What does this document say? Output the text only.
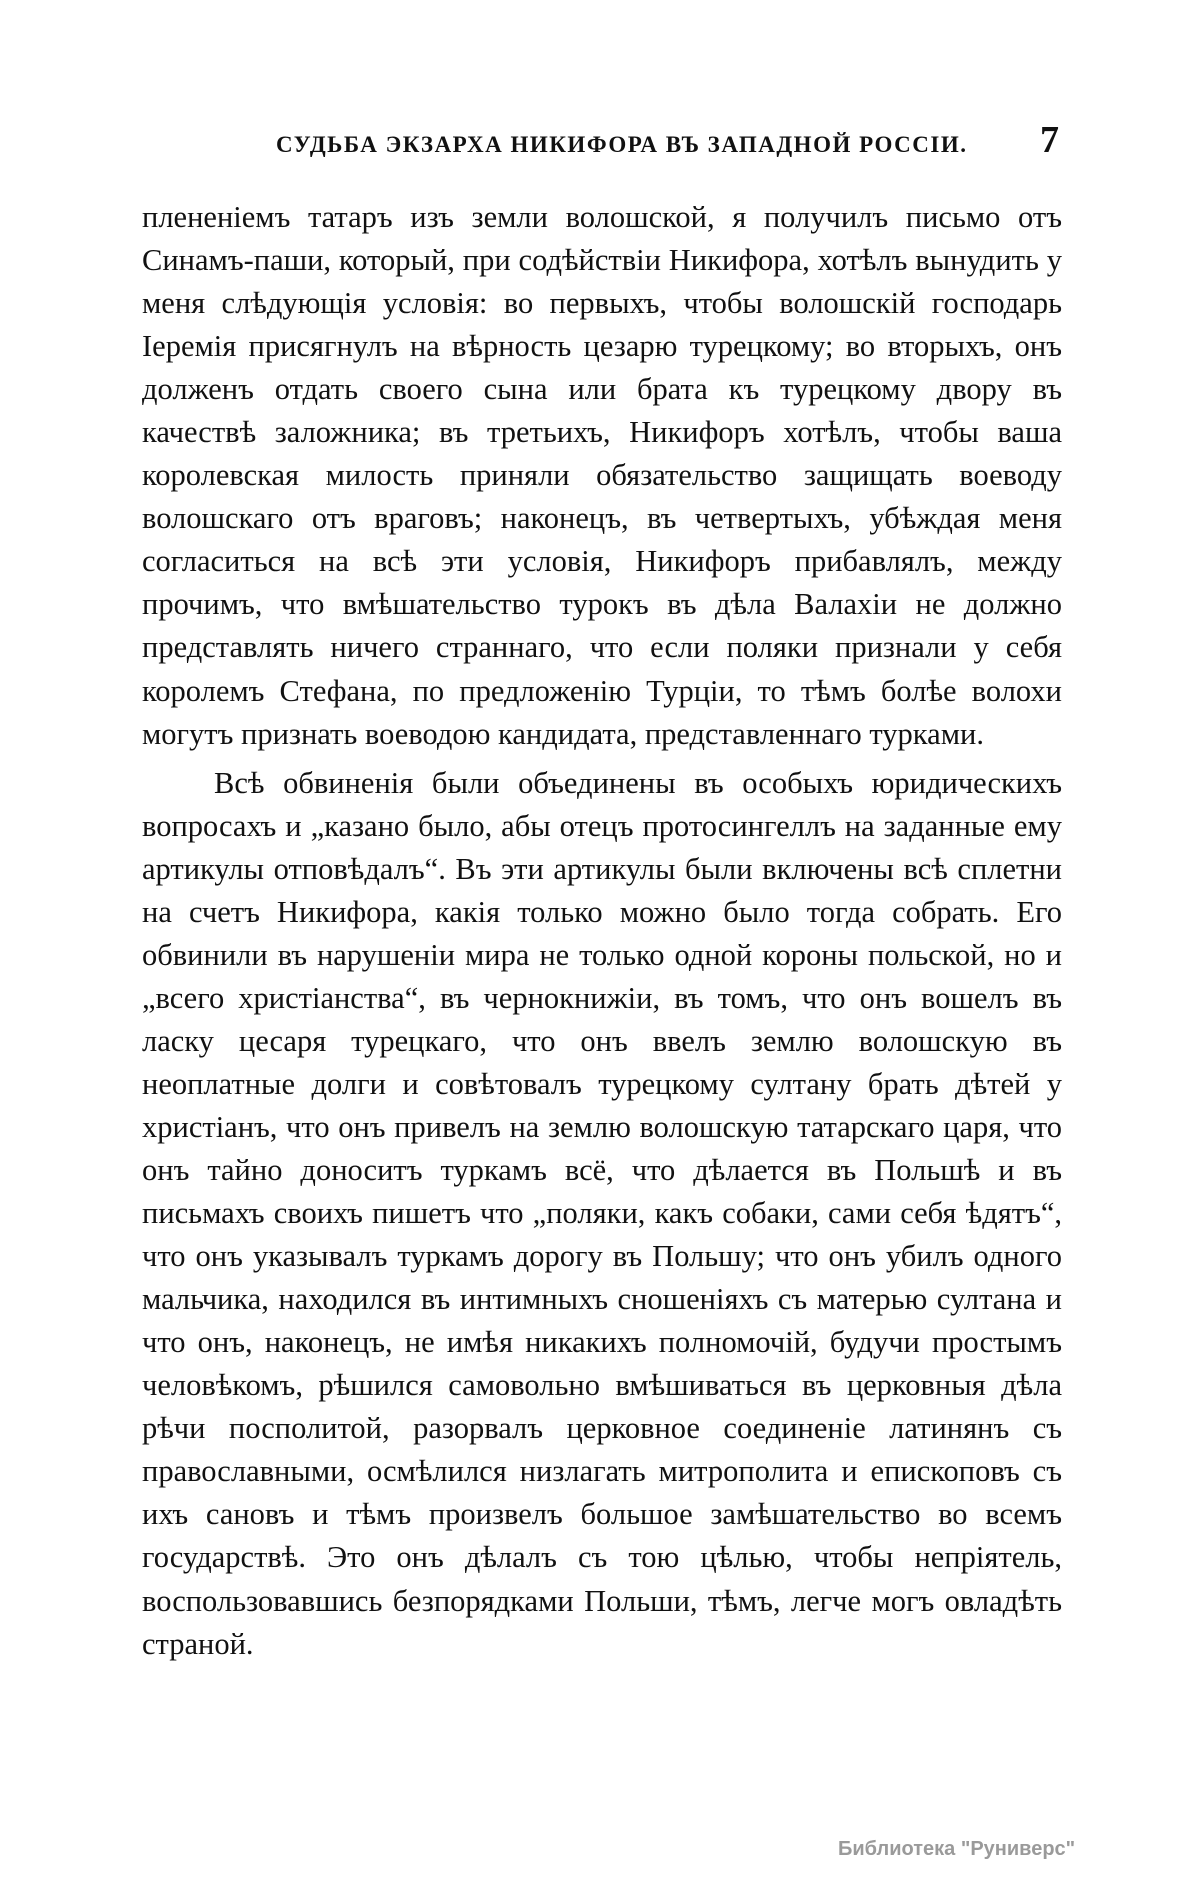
СУДЬБА ЭКЗАРХА НИКИФОРА ВЪ ЗАПАДНОЙ РОССІИ. 7

плененіемъ татаръ изъ земли волошской, я получилъ письмо отъ Синамъ-паши, который, при содѣйствіи Никифора, хотѣлъ вынудить у меня слѣдующія условія: во первыхъ, чтобы волошскій господарь Іеремія присягнулъ на вѣрность цезарю турецкому; во вторыхъ, онъ долженъ отдать своего сына или брата къ турецкому двору въ качествѣ заложника; въ третьихъ, Никифоръ хотѣлъ, чтобы ваша королевская милость приняли обязательство защищать воеводу волошскаго отъ враговъ; наконецъ, въ четвертыхъ, убѣждая меня согласиться на всѣ эти условія, Никифоръ прибавлялъ, между прочимъ, что вмѣшательство турокъ въ дѣла Валахіи не должно представлять ничего страннаго, что если поляки признали у себя королемъ Стефана, по предложенію Турціи, то тѣмъ болѣе волохи могутъ признать воеводою кандидата, представленнаго турками.

Всѣ обвиненія были объединены въ особыхъ юридическихъ вопросахъ и „казано было, абы отецъ протосингеллъ на заданные ему артикулы отповѣдалъ“. Въ эти артикулы были включены всѣ сплетни на счетъ Никифора, какія только можно было тогда собрать. Его обвинили въ нарушеніи мира не только одной короны польской, но и „всего христіанства“, въ чернокнижіи, въ томъ, что онъ вошелъ въ ласку цесаря турецкаго, что онъ ввелъ землю волошскую въ неоплатные долги и совѣтовалъ турецкому султану брать дѣтей у христіанъ, что онъ привелъ на землю волошскую татарскаго царя, что онъ тайно доноситъ туркамъ всё, что дѣлается въ Польшѣ и въ письмахъ своихъ пишетъ что „поляки, какъ собаки, сами себя ѣдятъ“, что онъ указывалъ туркамъ дорогу въ Польшу; что онъ убилъ одного мальчика, находился въ интимныхъ сношеніяхъ съ матерью султана и что онъ, наконецъ, не имѣя никакихъ полномочій, будучи простымъ человѣкомъ, рѣшился самовольно вмѣшиваться въ церковныя дѣла рѣчи посполитой, разорвалъ церковное соединеніе латинянъ съ православными, осмѣлился низлагать митрополита и епископовъ съ ихъ сановъ и тѣмъ произвелъ большое замѣшательство во всемъ государствѣ. Это онъ дѣлалъ съ тою цѣлью, чтобы непріятель, воспользовавшись безпорядками Польши, тѣмъ, легче могъ овладѣть страной.

Библиотека "Руниверс"
